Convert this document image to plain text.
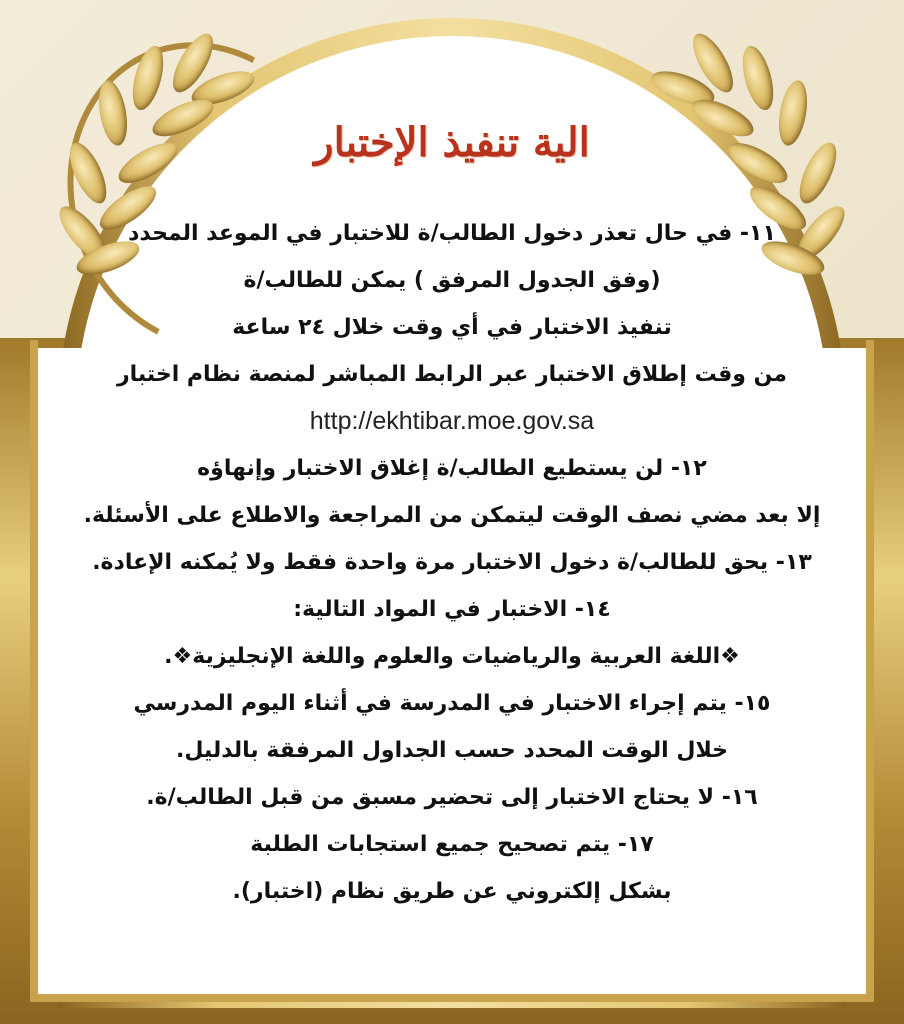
الية تنفيذ الإختبار
١١- في حال تعذر دخول الطالب/ة للاختبار في الموعد المحدد
(وفق الجدول المرفق ) يمكن للطالب/ة
تنفيذ الاختبار في أي وقت خلال ٢٤ ساعة
من وقت إطلاق الاختبار عبر الرابط المباشر لمنصة نظام اختبار
http://ekhtibar.moe.gov.sa
١٢- لن يستطيع الطالب/ة إغلاق الاختبار وإنهاؤه
إلا بعد مضي نصف الوقت ليتمكن من المراجعة والاطلاع على الأسئلة.
١٣- يحق للطالب/ة دخول الاختبار مرة واحدة فقط ولا يُمكنه الإعادة.
١٤- الاختبار في المواد التالية:
❖اللغة العربية والرياضيات والعلوم واللغة الإنجليزية❖.
١٥- يتم إجراء الاختبار في المدرسة في أثناء اليوم المدرسي
خلال الوقت المحدد حسب الجداول المرفقة بالدليل.
١٦- لا يحتاج الاختبار إلى تحضير مسبق من قبل الطالب/ة.
١٧- يتم تصحيح جميع استجابات الطلبة
بشكل إلكتروني عن طريق نظام (اختبار).
